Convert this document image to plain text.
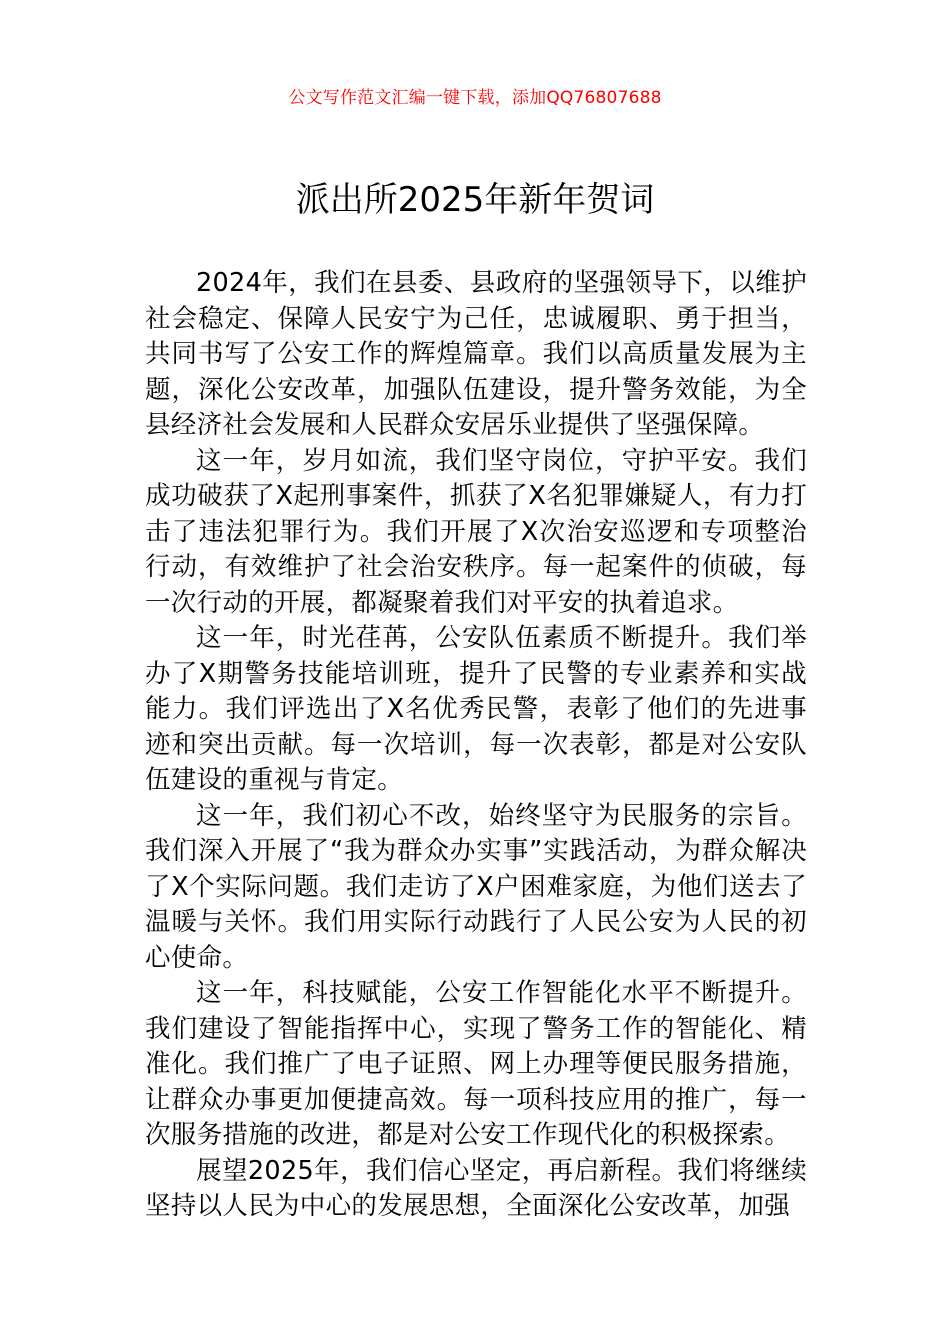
公文写作范文汇编一键下载，添加QQ76807688
派出所2025年新年贺词

2024年，我们在县委、县政府的坚强领导下，以维护社会稳定、保障人民安宁为己任，忠诚履职、勇于担当，共同书写了公安工作的辉煌篇章。我们以高质量发展为主题，深化公安改革，加强队伍建设，提升警务效能，为全县经济社会发展和人民群众安居乐业提供了坚强保障。

这一年，岁月如流，我们坚守岗位，守护平安。我们成功破获了X起刑事案件，抓获了X名犯罪嫌疑人，有力打击了违法犯罪行为。我们开展了X次治安巡逻和专项整治行动，有效维护了社会治安秩序。每一起案件的侦破，每一次行动的开展，都凝聚着我们对平安的执着追求。

这一年，时光荏苒，公安队伍素质不断提升。我们举办了X期警务技能培训班，提升了民警的专业素养和实战能力。我们评选出了X名优秀民警，表彰了他们的先进事迹和突出贡献。每一次培训，每一次表彰，都是对公安队伍建设的重视与肯定。

这一年，我们初心不改，始终坚守为民服务的宗旨。我们深入开展了“我为群众办实事”实践活动，为群众解决了X个实际问题。我们走访了X户困难家庭，为他们送去了温暖与关怀。我们用实际行动践行了人民公安为人民的初心使命。

这一年，科技赋能，公安工作智能化水平不断提升。我们建设了智能指挥中心，实现了警务工作的智能化、精准化。我们推广了电子证照、网上办理等便民服务措施，让群众办事更加便捷高效。每一项科技应用的推广，每一次服务措施的改进，都是对公安工作现代化的积极探索。

展望2025年，我们信心坚定，再启新程。我们将继续坚持以人民为中心的发展思想，全面深化公安改革，加强
